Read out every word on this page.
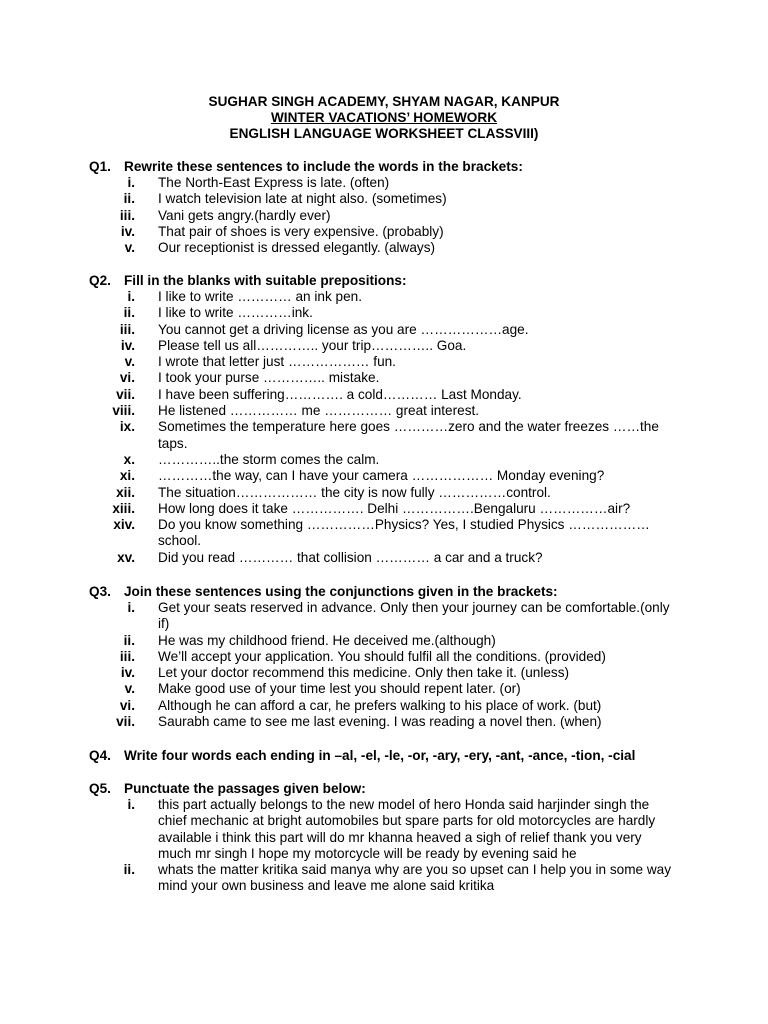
SUGHAR SINGH ACADEMY, SHYAM NAGAR, KANPUR
WINTER VACATIONS’ HOMEWORK
ENGLISH LANGUAGE WORKSHEET CLASSVIII)
Q1. Rewrite these sentences to include the words in the brackets:
i. The North-East Express is late. (often)
ii. I watch television late at night also. (sometimes)
iii. Vani gets angry.(hardly ever)
iv. That pair of shoes is very expensive. (probably)
v. Our receptionist is dressed elegantly. (always)
Q2. Fill in the blanks with suitable prepositions:
i. I like to write ………… an ink pen.
ii. I like to write …………ink.
iii. You cannot get a driving license as you are ………………age.
iv. Please tell us all………….. your trip………….. Goa.
v. I wrote that letter just ……………… fun.
vi. I took your purse ………….. mistake.
vii. I have been suffering…………. a cold………… Last Monday.
viii. He listened …………… me …………… great interest.
ix. Sometimes the temperature here goes …………zero and the water freezes ……the taps.
x. …………..the storm comes the calm.
xi. …………the way, can I have your camera ……………… Monday evening?
xii. The situation……………… the city is now fully ……………control.
xiii. How long does it take ……………. Delhi …………….Bengaluru ……………air?
xiv. Do you know something ……………Physics? Yes, I studied Physics ……………… school.
xv. Did you read ………… that collision ………… a car and a truck?
Q3. Join these sentences using the conjunctions given in the brackets:
i. Get your seats reserved in advance. Only then your journey can be comfortable.(only if)
ii. He was my childhood friend. He deceived me.(although)
iii. We’ll accept your application. You should fulfil all the conditions. (provided)
iv. Let your doctor recommend this medicine. Only then take it. (unless)
v. Make good use of your time lest you should repent later. (or)
vi. Although he can afford a car, he prefers walking to his place of work. (but)
vii. Saurabh came to see me last evening. I was reading a novel then. (when)
Q4. Write four words each ending in –al, -el, -le, -or, -ary, -ery, -ant, -ance, -tion, -cial
Q5. Punctuate the passages given below:
i. this part actually belongs to the new model of hero Honda said harjinder singh the chief mechanic at bright automobiles but spare parts for old motorcycles are hardly available i think this part will do mr khanna heaved a sigh of relief thank you very much mr singh I hope my motorcycle will be ready by evening said he
ii. whats the matter kritika said manya why are you so upset can I help you in some way mind your own business and leave me alone said kritika
